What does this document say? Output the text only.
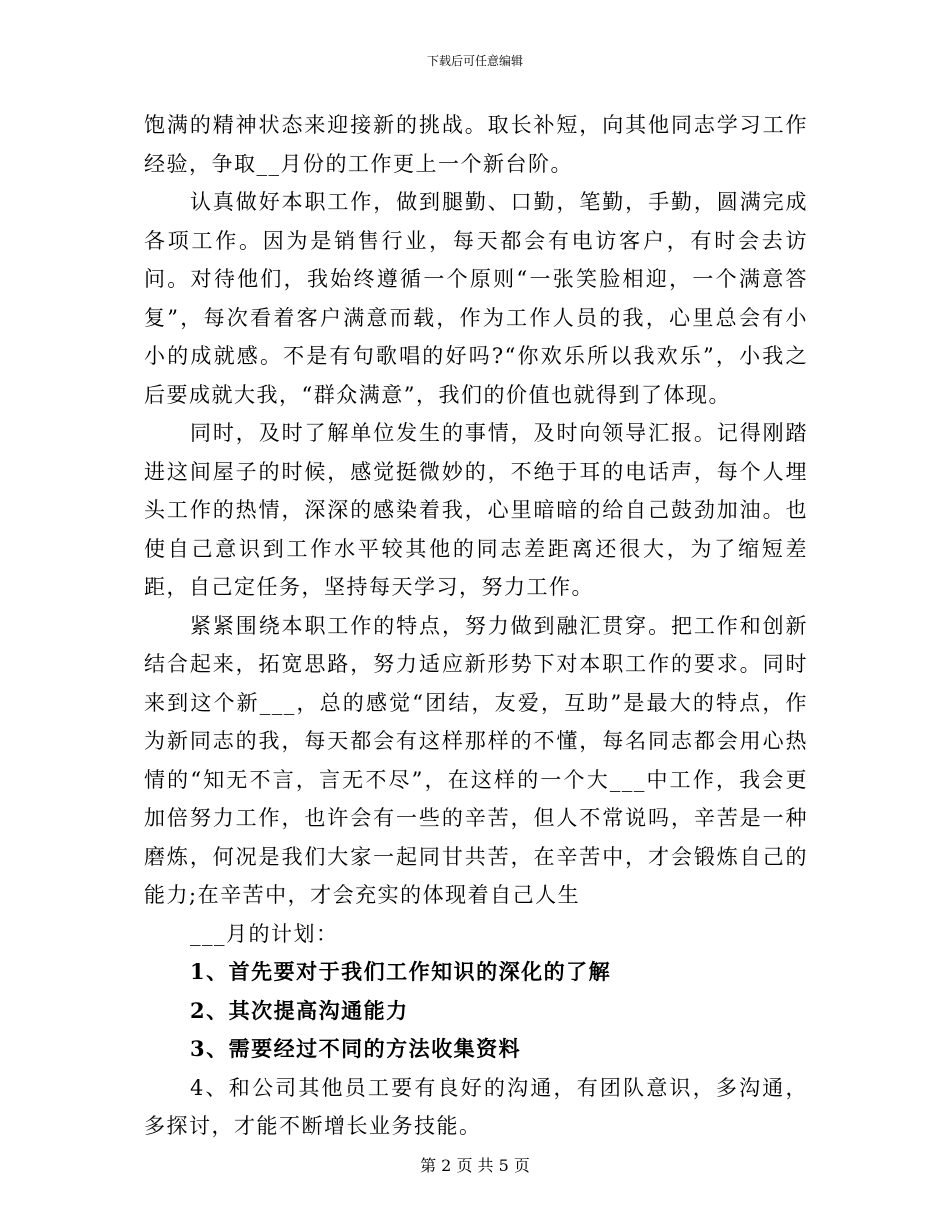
下载后可任意编辑

饱满的精神状态来迎接新的挑战。取长补短，向其他同志学习工作经验，争取__月份的工作更上一个新台阶。

认真做好本职工作，做到腿勤、口勤，笔勤，手勤，圆满完成各项工作。因为是销售行业，每天都会有电访客户，有时会去访问。对待他们，我始终遵循一个原则“一张笑脸相迎，一个满意答复”，每次看着客户满意而载，作为工作人员的我，心里总会有小小的成就感。不是有句歌唱的好吗?“你欢乐所以我欢乐”，小我之后要成就大我，“群众满意”，我们的价值也就得到了体现。

同时，及时了解单位发生的事情，及时向领导汇报。记得刚踏进这间屋子的时候，感觉挺微妙的，不绝于耳的电话声，每个人埋头工作的热情，深深的感染着我，心里暗暗的给自己鼓劲加油。也使自己意识到工作水平较其他的同志差距离还很大，为了缩短差距，自己定任务，坚持每天学习，努力工作。

紧紧围绕本职工作的特点，努力做到融汇贯穿。把工作和创新结合起来，拓宽思路，努力适应新形势下对本职工作的要求。同时来到这个新___，总的感觉“团结，友爱，互助”是最大的特点，作为新同志的我，每天都会有这样那样的不懂，每名同志都会用心热情的“知无不言，言无不尽”，在这样的一个大___中工作，我会更加倍努力工作，也许会有一些的辛苦，但人不常说吗，辛苦是一种磨炼，何况是我们大家一起同甘共苦，在辛苦中，才会锻炼自己的能力;在辛苦中，才会充实的体现着自己人生

___月的计划：

1、首先要对于我们工作知识的深化的了解

2、其次提高沟通能力

3、需要经过不同的方法收集资料

4、和公司其他员工要有良好的沟通，有团队意识，多沟通，多探讨，才能不断增长业务技能。

第 2 页 共 5 页
